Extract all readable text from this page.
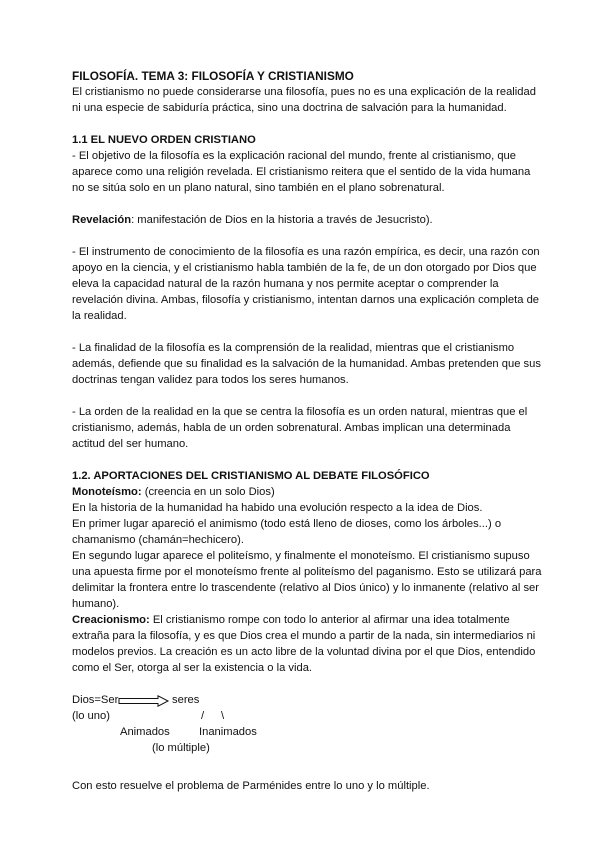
FILOSOFÍA. TEMA 3: FILOSOFÍA Y CRISTIANISMO

El cristianismo no puede considerarse una filosofía, pues no es una explicación de la realidad ni una especie de sabiduría práctica, sino una doctrina de salvación para la humanidad.

1.1 EL NUEVO ORDEN CRISTIANO

- El objetivo de la filosofía es la explicación racional del mundo, frente al cristianismo, que aparece como una religión revelada. El cristianismo reitera que el sentido de la vida humana no se sitúa solo en un plano natural, sino también en el plano sobrenatural.

Revelación: manifestación de Dios en la historia a través de Jesucristo).

- El instrumento de conocimiento de la filosofía es una razón empírica, es decir, una razón con apoyo en la ciencia, y el cristianismo habla también de la fe, de un don otorgado por Dios que eleva la capacidad natural de la razón humana y nos permite aceptar o comprender la revelación divina. Ambas, filosofía y cristianismo, intentan darnos una explicación completa de la realidad.

- La finalidad de la filosofía es la comprensión de la realidad, mientras que el cristianismo además, defiende que su finalidad es la salvación de la humanidad. Ambas pretenden que sus doctrinas tengan validez para todos los seres humanos.

- La orden de la realidad en la que se centra la filosofía es un orden natural, mientras que el cristianismo, además, habla de un orden sobrenatural. Ambas implican una determinada actitud del ser humano.

1.2. APORTACIONES DEL CRISTIANISMO AL DEBATE FILOSÓFICO

Monoteísmo: (creencia en un solo Dios)

En la historia de la humanidad ha habido una evolución respecto a la idea de Dios.

En primer lugar apareció el animismo (todo está lleno de dioses, como los árboles...) o chamanismo (chamán=hechicero).

En segundo lugar aparece el politeísmo, y finalmente el monoteísmo. El cristianismo supuso una apuesta firme por el monoteísmo frente al politeísmo del paganismo. Esto se utilizará para delimitar la frontera entre lo trascendente (relativo al Dios único) y lo inmanente (relativo al ser humano).

Creacionismo: El cristianismo rompe con todo lo anterior al afirmar una idea totalmente extraña para la filosofía, y es que Dios crea el mundo a partir de la nada, sin intermediarios ni modelos previos. La creación es un acto libre de la voluntad divina por el que Dios, entendido como el Ser, otorga al ser la existencia o la vida.

Dios=Ser	seres
(lo uno)	/ \
Animados	Inanimados
(lo múltiple)

Con esto resuelve el problema de Parménides entre lo uno y lo múltiple.
